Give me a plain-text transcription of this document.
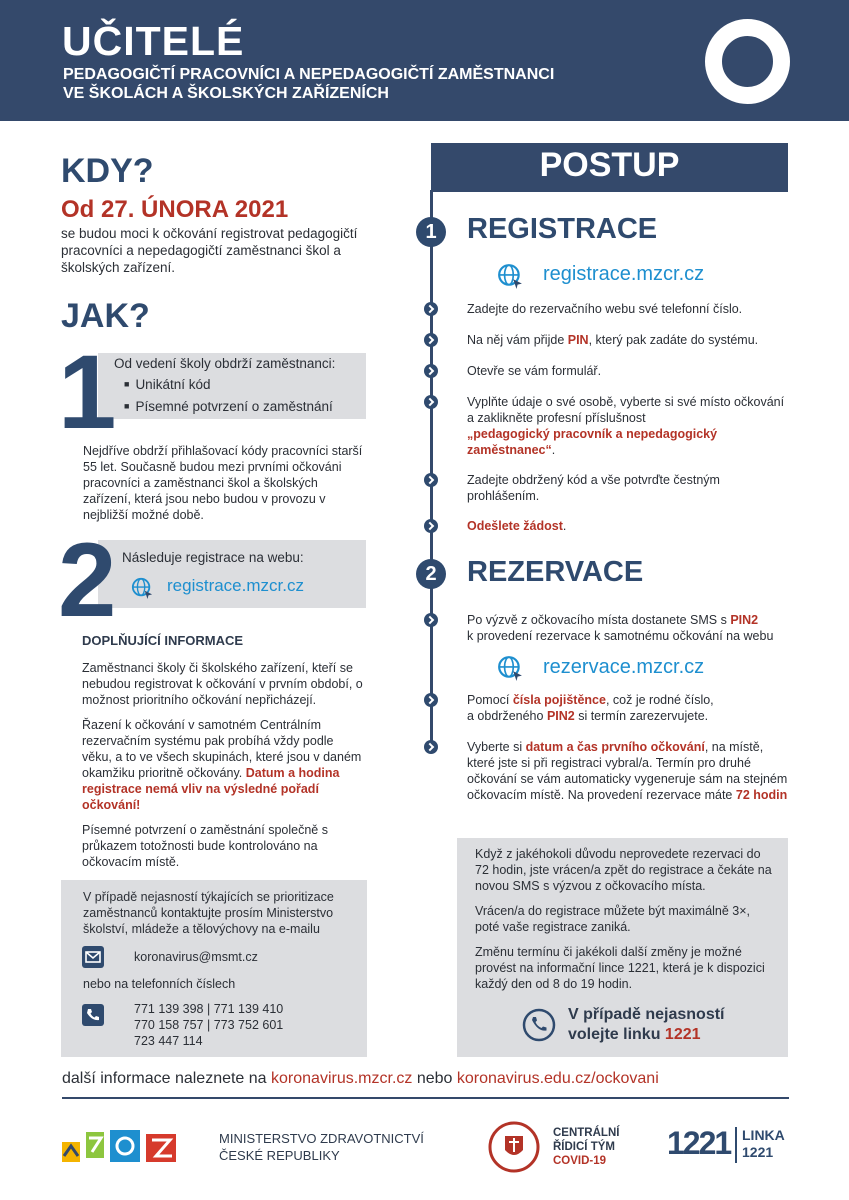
UČITELÉ
PEDAGOGIČTÍ PRACOVNÍCI A NEPEDAGOGIČTÍ ZAMĚSTNANCI
VE ŠKOLÁCH A ŠKOLSKÝCH ZAŘÍZENÍCH
KDY?
Od 27. ÚNORA 2021
se budou moci k očkování registrovat pedagogičtí pracovníci a nepedagogičtí zaměstnanci škol a školských zařízení.
JAK?
1
Od vedení školy obdrží zaměstnanci:
■ Unikátní kód
■ Písemné potvrzení o zaměstnání
Nejdříve obdrží přihlašovací kódy pracovníci starší 55 let. Současně budou mezi prvními očkováni pracovníci a zaměstnanci škol a školských zařízení, která jsou nebo budou v provozu v nejbližší možné době.
2 Následuje registrace na webu:
registrace.mzcr.cz
DOPLŇUJÍCÍ INFORMACE
Zaměstnanci školy či školského zařízení, kteří se nebudou registrovat k očkování v prvním období, o možnost prioritního očkování nepřicházejí.
Řazení k očkování v samotném Centrálním rezervačním systému pak probíhá vždy podle věku, a to ve všech skupinách, které jsou v daném okamžiku prioritně očkovány. Datum a hodina registrace nemá vliv na výsledné pořadí očkování!
Písemné potvrzení o zaměstnání společně s průkazem totožnosti bude kontrolováno na očkovacím místě.
V případě nejasností týkajících se prioritizace zaměstnanců kontaktujte prosím Ministerstvo školství, mládeže a tělovýchovy na e-mailu
koronavirus@msmt.cz
nebo na telefonních číslech
771 139 398 | 771 139 410
770 158 757 | 773 752 601
723 447 114
POSTUP
1	REGISTRACE
registrace.mzcr.cz
Zadejte do rezervačního webu své telefonní číslo.
Na něj vám přijde PIN, který pak zadáte do systému.
Otevře se vám formulář.
Vyplňte údaje o své osobě, vyberte si své místo očkování a zaklikněte profesní příslušnost
„pedagogický pracovník a nepedagogický zaměstnanec“.
Zadejte obdržený kód a vše potvrďte čestným prohlášením.
Odešlete žádost.
2	REZERVACE
Po výzvě z očkovacího místa dostanete SMS s PIN2
k provedení rezervace k samotnému očkování na webu
rezervace.mzcr.cz
Pomocí čísla pojištěnce, což je rodné číslo,
a obdrženého PIN2 si termín zarezervujete.
Vyberte si datum a čas prvního očkování, na místě, které jste si při registraci vybral/a. Termín pro druhé očkování se vám automaticky vygeneruje sám na stejném očkovacím místě. Na provedení rezervace máte 72 hodin
Když z jakéhokoli důvodu neprovedete rezervaci do 72 hodin, jste vrácen/a zpět do registrace a čekáte na novou SMS s výzvou z očkovacího místa.
Vrácen/a do registrace můžete být maximálně 3×, poté vaše registrace zaniká.
Změnu termínu či jakékoli další změny je možné provést na informační lince 1221, která je k dispozici každý den od 8 do 19 hodin.
V případě nejasností
volejte linku 1221
další informace naleznete na koronavirus.mzcr.cz nebo koronavirus.edu.cz/ockovani
MINISTERSTVO ZDRAVOTNICTVÍ
ČESKÉ REPUBLIKY
CENTRÁLNÍ
ŘÍDICÍ TÝM
COVID-19	1221 LINKA
1221
